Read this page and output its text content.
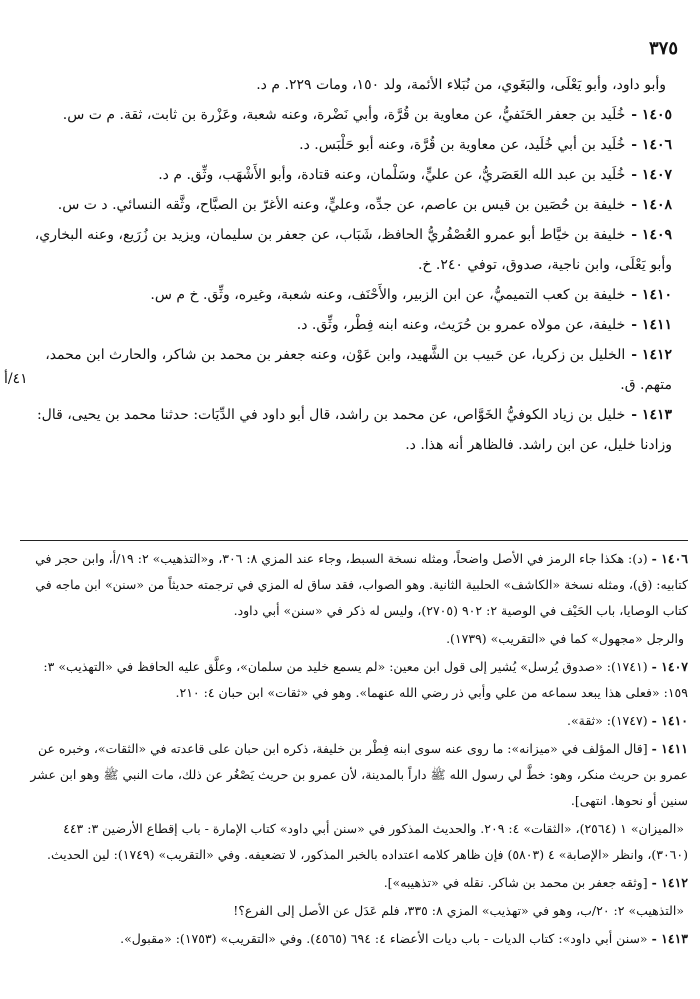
٣٧٥
٤١/أ

وأبو داود، وأبو يَعْلَى، والبَغَوي، من نُبَلاء الأئمة، ولد ١٥٠، ومات ٢٢٩. م د.

١٤٠٥ -خُلَيد بن جعفر الحَنَفيُّ، عن معاوية بن قُرَّة، وأبي نَضْرة، وعنه شعبة، وعَزْرة بن ثابت، ثقة. م ت س.

١٤٠٦ -خُلَيد بن أبي خُلَيد، عن معاوية بن قُرَّة، وعنه أبو حَلْبَس. د.

١٤٠٧ -خُلَيد بن عبد الله العَصَريُّ، عن عليٍّ، وسَلْمان، وعنه قتادة، وأبو الأَشْهَب، وثِّق. م د.

١٤٠٨ -خليفة بن حُصَين بن قيس بن عاصم، عن جدِّه، وعليٍّ، وعنه الأغرّ بن الصبَّاح، وثَّقه النسائي. د ت س.

١٤٠٩ -خليفة بن خيَّاط أبو عمرو العُصْفُريُّ الحافظ، شَبَاب، عن جعفر بن سليمان، ويزيد بن زُرَيع، وعنه البخاري، وأبو يَعْلَى، وابن ناجية، صدوق، توفي ٢٤٠. خ.

١٤١٠ -خليفة بن كعب التميميُّ، عن ابن الزبير، والأَحْنَف، وعنه شعبة، وغيره، وثِّق. خ م س.

١٤١١ -خليفة، عن مولاه عمرو بن حُرَيث، وعنه ابنه فِطْر، وثِّق. د.

١٤١٢ -الخليل بن زكريا، عن حَبيب بن الشَّهيد، وابن عَوْن، وعنه جعفر بن محمد بن شاكر، والحارث ابن محمد، متهم. ق.

١٤١٣ -خليل بن زياد الكوفيُّ الخَوَّاص، عن محمد بن راشد، قال أبو داود في الدِّيَات: حدثنا محمد بن يحيى، قال: وزادنا خليل، عن ابن راشد. فالظاهر أنه هذا. د.

١٤٠٦ -(د): هكذا جاء الرمز في الأصل واضحاً، ومثله نسخة السبط، وجاء عند المزي ٨: ٣٠٦، و«التذهيب» ٢: ١٩/أ، وابن حجر في كتابيه: (ق)، ومثله نسخة «الكاشف» الحلبية الثانية. وهو الصواب، فقد ساق له المزي في ترجمته حديثاً من «سنن» ابن ماجه في كتاب الوصايا، باب الحَيْف في الوصية ٢: ٩٠٢ (٢٧٠٥)، وليس له ذكر في «سنن» أبي داود.

والرجل «مجهول» كما في «التقريب» (١٧٣٩).

١٤٠٧ -(١٧٤١): «صدوق يُرسل» يُشير إلى قول ابن معين: «لم يسمع خليد من سلمان»، وعلَّق عليه الحافظ في «التهذيب» ٣: ١٥٩: «فعلى هذا يبعد سماعه من علي وأبي ذر رضي الله عنهما». وهو في «ثقات» ابن حبان ٤: ٢١٠.

١٤١٠ -(١٧٤٧): «ثقة».

١٤١١ -[قال المؤلف في «ميزانه»: ما روى عنه سوى ابنه فِطْر بن خليفة، ذكره ابن حبان على قاعدته في «الثقات»، وخبره عن عمرو بن حريث منكر، وهو: خطَّ لي رسول الله ﷺ داراً بالمدينة، لأن عمرو بن حريث يَصْغُر عن ذلك، مات النبي ﷺ وهو ابن عشر سنين أو نحوها. انتهى].

«الميزان» ١ (٢٥٦٤)، «الثقات» ٤: ٢٠٩. والحديث المذكور في «سنن أبي داود» كتاب الإمارة - باب إقطاع الأرضين ٣: ٤٤٣ (٣٠٦٠)، وانظر «الإصابة» ٤ (٥٨٠٣) فإن ظاهر كلامه اعتداده بالخبر المذكور، لا تضعيفه. وفي «التقريب» (١٧٤٩): لين الحديث.

١٤١٢ -[وثقه جعفر بن محمد بن شاكر. نقله في «تذهيبه»].

«التذهيب» ٢: ٢٠/ب، وهو في «تهذيب» المزي ٨: ٣٣٥، فلم عَدَل عن الأصل إلى الفرع؟!

١٤١٣ -«سنن أبي داود»: كتاب الديات - باب ديات الأعضاء ٤: ٦٩٤ (٤٥٦٥). وفي «التقريب» (١٧٥٣): «مقبول».
